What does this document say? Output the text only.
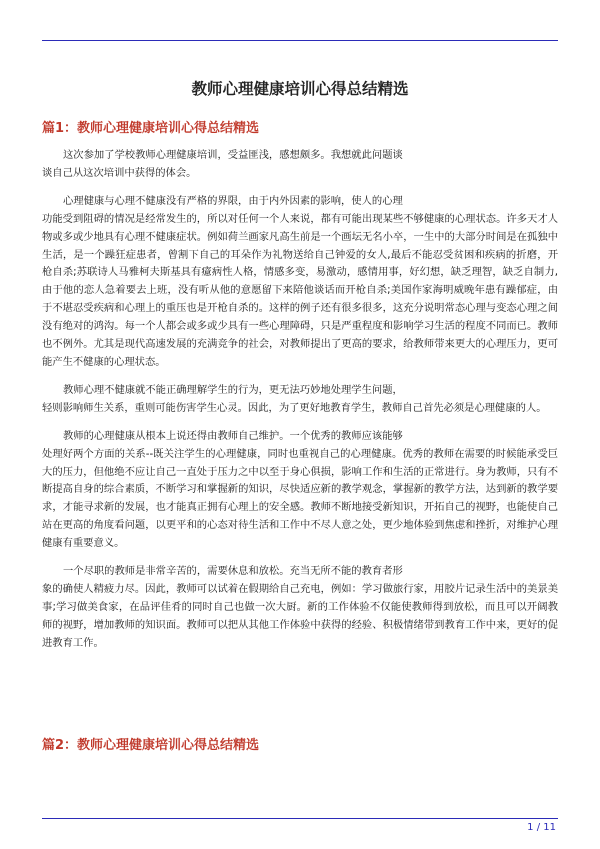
教师心理健康培训心得总结精选
篇1：教师心理健康培训心得总结精选

这次参加了学校教师心理健康培训，受益匪浅，感想颇多。我想就此问题谈
谈自己从这次培训中获得的体会。

心理健康与心理不健康没有严格的界限，由于内外因素的影响，使人的心理
功能受到阻碍的情况是经常发生的，所以对任何一个人来说，都有可能出现某些不够健康的心理状态。许多天才人物或多或少地具有心理不健康症状。例如荷兰画家凡高生前是一个画坛无名小卒，一生中的大部分时间是在孤独中生活，是一个躁狂症患者，曾割下自己的耳朵作为礼物送给自己钟爱的女人,最后不能忍受贫困和疾病的折磨，开枪自杀;苏联诗人马雅柯夫斯基具有癔病性人格，情感多变，易激动，感情用事，好幻想，缺乏理智，缺乏自制力,由于他的恋人急着要去上班，没有听从他的意愿留下来陪他谈话而开枪自杀;美国作家海明威晚年患有躁郁症，由于不堪忍受疾病和心理上的重压也是开枪自杀的。这样的例子还有很多很多，这充分说明常态心理与变态心理之间没有绝对的鸿沟。每一个人都会或多或少具有一些心理障碍，只是严重程度和影响学习生活的程度不同而已。教师也不例外。尤其是现代高速发展的充满竞争的社会，对教师提出了更高的要求，给教师带来更大的心理压力，更可能产生不健康的心理状态。

教师心理不健康就不能正确理解学生的行为，更无法巧妙地处理学生问题，
轻则影响师生关系，重则可能伤害学生心灵。因此，为了更好地教育学生，教师自己首先必须是心理健康的人。

教师的心理健康从根本上说还得由教师自己维护。一个优秀的教师应该能够
处理好两个方面的关系--既关注学生的心理健康，同时也重视自己的心理健康。优秀的教师在需要的时候能承受巨大的压力，但他绝不应让自己一直处于压力之中以至于身心俱损，影响工作和生活的正常进行。身为教师，只有不断提高自身的综合素质，不断学习和掌握新的知识，尽快适应新的教学观念，掌握新的教学方法，达到新的教学要求，才能寻求新的发展，也才能真正拥有心理上的安全感。教师不断地接受新知识，开拓自己的视野，也能使自己站在更高的角度看问题，以更平和的心态对待生活和工作中不尽人意之处，更少地体验到焦虑和挫折，对维护心理健康有重要意义。

一个尽职的教师是非常辛苦的，需要休息和放松。充当无所不能的教育者形
象的确使人精疲力尽。因此，教师可以试着在假期给自己充电，例如：学习做旅行家，用胶片记录生活中的美景美事;学习做美食家，在品评佳肴的同时自己也做一次大厨。新的工作体验不仅能使教师得到放松，而且可以开阔教师的视野，增加教师的知识面。教师可以把从其他工作体验中获得的经验、积极情绪带到教育工作中来，更好的促进教育工作。

篇2：教师心理健康培训心得总结精选
1 / 11
